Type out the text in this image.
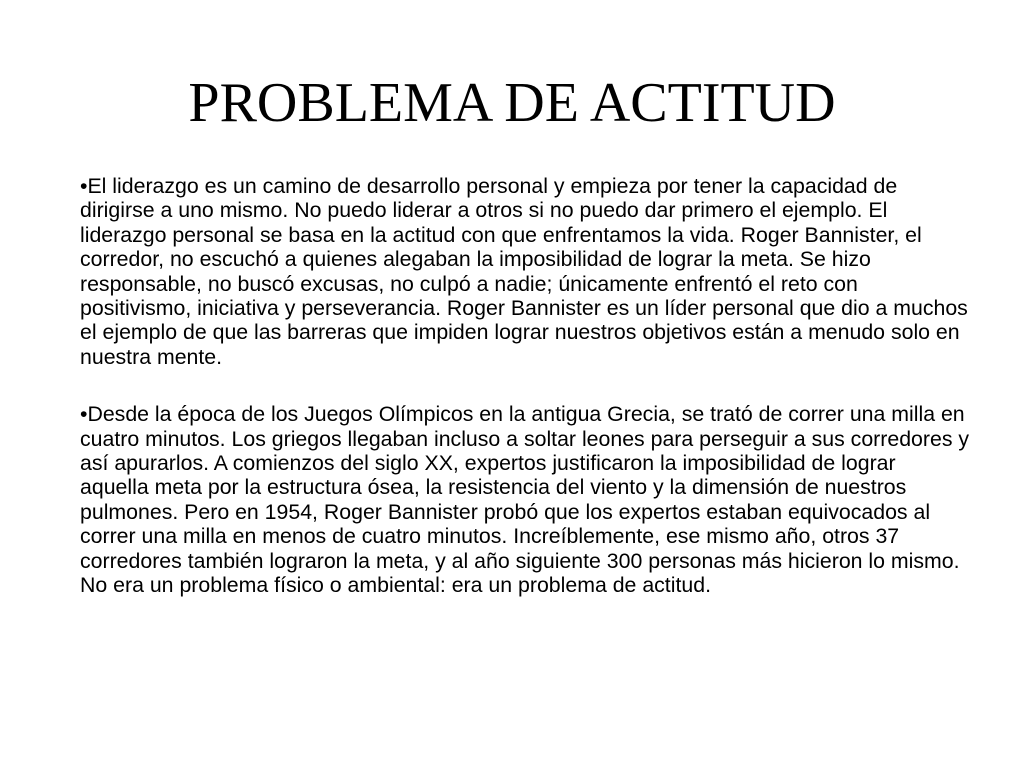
PROBLEMA DE ACTITUD

•El liderazgo es un camino de desarrollo personal y empieza por tener la capacidad de dirigirse a uno mismo. No puedo liderar a otros si no puedo dar primero el ejemplo. El liderazgo personal se basa en la actitud con que enfrentamos la vida. Roger Bannister, el corredor, no escuchó a quienes alegaban la imposibilidad de lograr la meta. Se hizo responsable, no buscó excusas, no culpó a nadie; únicamente enfrentó el reto con positivismo, iniciativa y perseverancia. Roger Bannister es un líder personal que dio a muchos el ejemplo de que las barreras que impiden lograr nuestros objetivos están a menudo solo en nuestra mente.

•Desde la época de los Juegos Olímpicos en la antigua Grecia, se trató de correr una milla en cuatro minutos. Los griegos llegaban incluso a soltar leones para perseguir a sus corredores y así apurarlos. A comienzos del siglo XX, expertos justificaron la imposibilidad de lograr aquella meta por la estructura ósea, la resistencia del viento y la dimensión de nuestros pulmones. Pero en 1954, Roger Bannister probó que los expertos estaban equivocados al correr una milla en menos de cuatro minutos. Increíblemente, ese mismo año, otros 37 corredores también lograron la meta, y al año siguiente 300 personas más hicieron lo mismo. No era un problema físico o ambiental: era un problema de actitud.
